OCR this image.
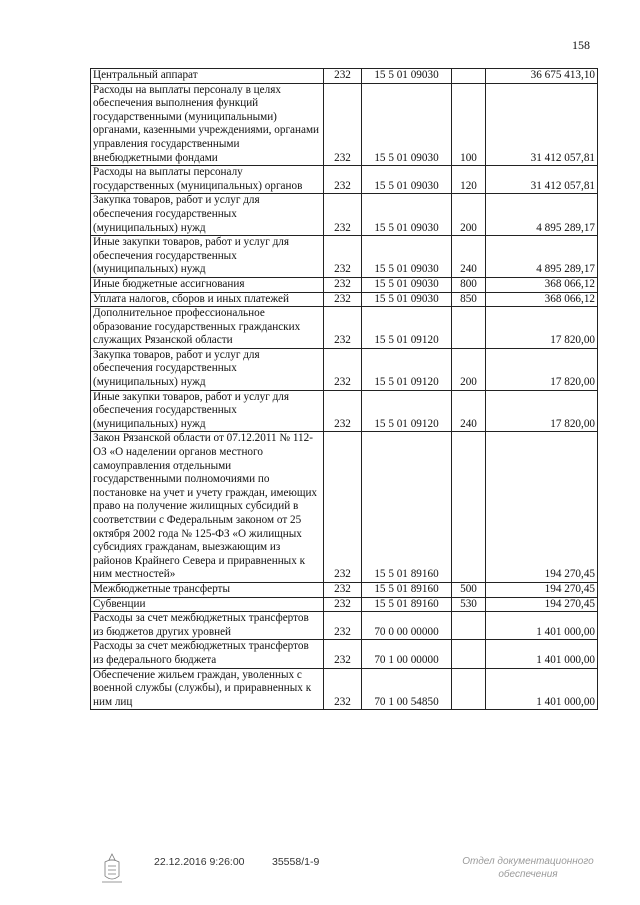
158
Центральный аппарат	232	15 5 01 09030		36 675 413,10
Расходы на выплаты персоналу в целях обеспечения выполнения функций государственными (муниципальными) органами, казенными учреждениями, органами управления государственными внебюджетными фондами	232	15 5 01 09030	100	31 412 057,81
Расходы на выплаты персоналу государственных (муниципальных) органов	232	15 5 01 09030	120	31 412 057,81
Закупка товаров, работ и услуг для обеспечения государственных (муниципальных) нужд	232	15 5 01 09030	200	4 895 289,17
Иные закупки товаров, работ и услуг для обеспечения государственных (муниципальных) нужд	232	15 5 01 09030	240	4 895 289,17
Иные бюджетные ассигнования	232	15 5 01 09030	800	368 066,12
Уплата налогов, сборов и иных платежей	232	15 5 01 09030	850	368 066,12
Дополнительное профессиональное образование государственных гражданских служащих Рязанской области	232	15 5 01 09120		17 820,00
Закупка товаров, работ и услуг для обеспечения государственных (муниципальных) нужд	232	15 5 01 09120	200	17 820,00
Иные закупки товаров, работ и услуг для обеспечения государственных (муниципальных) нужд	232	15 5 01 09120	240	17 820,00
Закон Рязанской области от 07.12.2011 № 112-ОЗ «О наделении органов местного самоуправления отдельными государственными полномочиями по постановке на учет и учету граждан, имеющих право на получение жилищных субсидий в соответствии с Федеральным законом от 25 октября 2002 года № 125-ФЗ «О жилищных субсидиях гражданам, выезжающим из районов Крайнего Севера и приравненных к ним местностей»	232	15 5 01 89160		194 270,45
Межбюджетные трансферты	232	15 5 01 89160	500	194 270,45
Субвенции	232	15 5 01 89160	530	194 270,45
Расходы за счет межбюджетных трансфертов из бюджетов других уровней	232	70 0 00 00000		1 401 000,00
Расходы за счет межбюджетных трансфертов из федерального бюджета	232	70 1 00 00000		1 401 000,00
Обеспечение жильем граждан, уволенных с военной службы (службы), и приравненных к ним лиц	232	70 1 00 54850		1 401 000,00
22.12.2016 9:26:00	35558/1-9	Отдел документационного обеспечения
